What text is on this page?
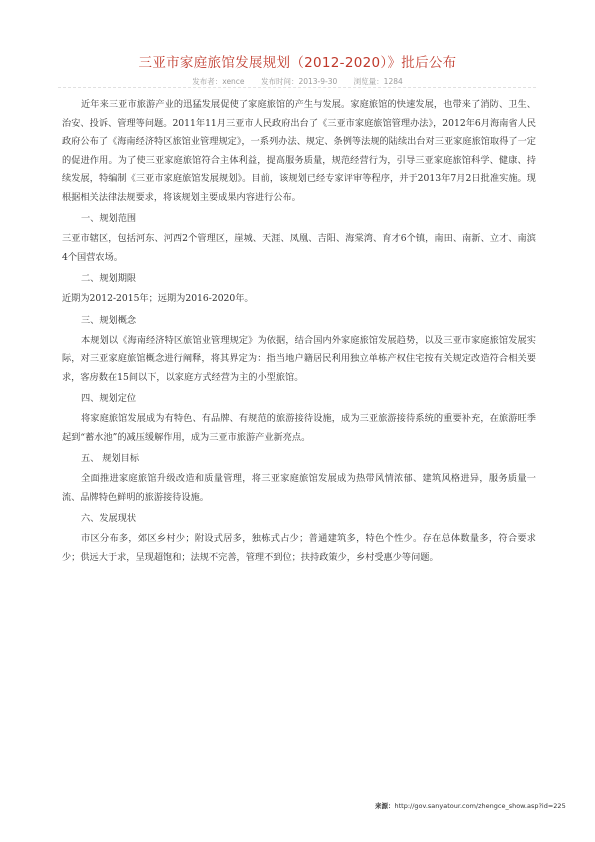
三亚市家庭旅馆发展规划（2012-2020）》批后公布
发布者：xence 发布时间：2013-9-30 浏览量：1284

近年来三亚市旅游产业的迅猛发展促使了家庭旅馆的产生与发展。家庭旅馆的快速发展，也带来了消防、卫生、治安、投诉、管理等问题。2011年11月三亚市人民政府出台了《三亚市家庭旅馆管理办法》，2012年6月海南省人民政府公布了《海南经济特区旅馆业管理规定》，一系列办法、规定、条例等法规的陆续出台对三亚家庭旅馆取得了一定的促进作用。为了使三亚家庭旅馆符合主体利益，提高服务质量，规范经营行为，引导三亚家庭旅馆科学、健康、持续发展，特编制《三亚市家庭旅馆发展规划》。目前，该规划已经专家评审等程序，并于2013年7月2日批准实施。现根据相关法律法规要求，将该规划主要成果内容进行公布。

一、规划范围

三亚市辖区，包括河东、河西2个管理区，崖城、天涯、凤凰、吉阳、海棠湾、育才6个镇，南田、南新、立才、南滨4个国营农场。

二、规划期限

近期为2012-2015年；远期为2016-2020年。

三、规划概念

本规划以《海南经济特区旅馆业管理规定》为依据，结合国内外家庭旅馆发展趋势，以及三亚市家庭旅馆发展实际，对三亚家庭旅馆概念进行阐释，将其界定为：指当地户籍居民利用独立单栋产权住宅按有关规定改造符合相关要求，客房数在15间以下，以家庭方式经营为主的小型旅馆。

四、规划定位

将家庭旅馆发展成为有特色、有品牌、有规范的旅游接待设施，成为三亚旅游接待系统的重要补充，在旅游旺季起到“蓄水池”的减压缓解作用，成为三亚市旅游产业新亮点。

五、 规划目标

全面推进家庭旅馆升级改造和质量管理，将三亚家庭旅馆发展成为热带风情浓郁、建筑风格进异，服务质量一流、品牌特色鲜明的旅游接待设施。

六、发展现状

市区分布多，郊区乡村少；附设式居多，独栋式占少；普通建筑多，特色个性少。存在总体数量多，符合要求少；供远大于求，呈现超饱和；法规不完善，管理不到位；扶持政策少，乡村受惠少等问题。

来源：http://gov.sanyatour.com/zhengce_show.asp?id=225
